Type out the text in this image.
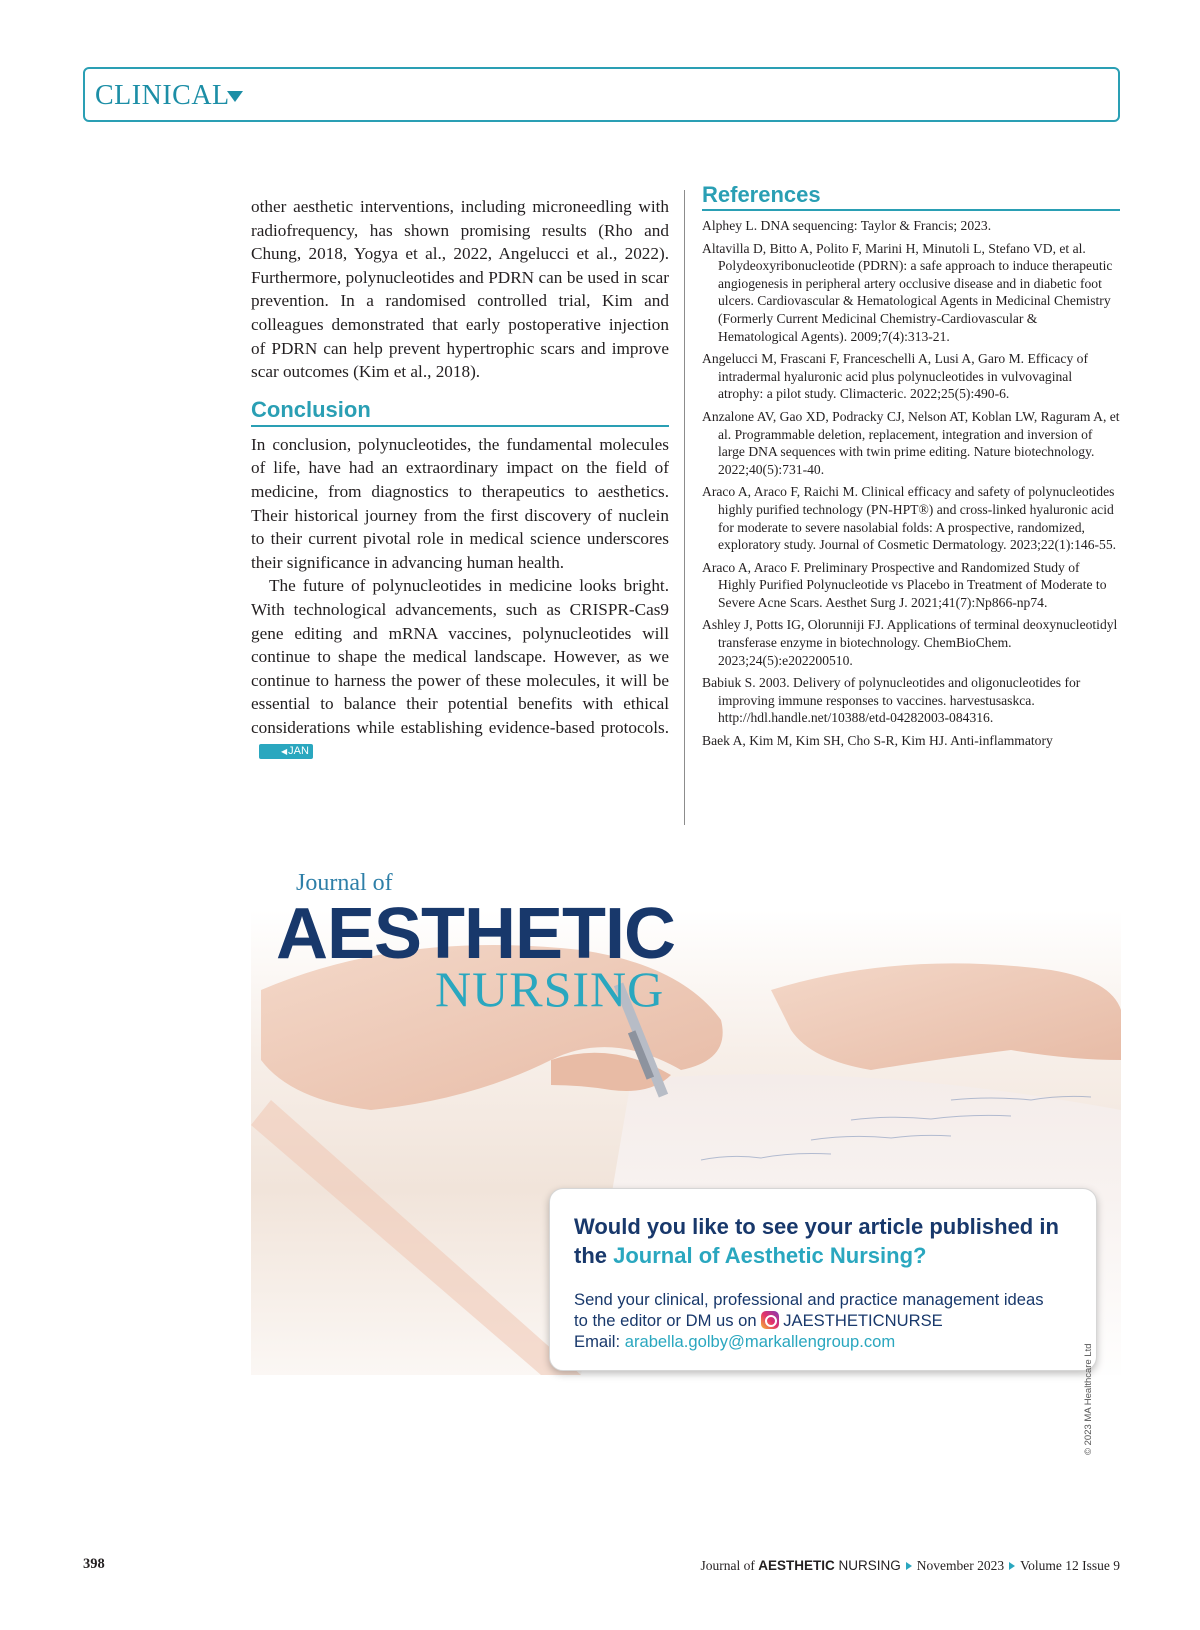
CLINICAL

other aesthetic interventions, including microneedling with radiofrequency, has shown promising results (Rho and Chung, 2018, Yogya et al., 2022, Angelucci et al., 2022). Furthermore, polynucleotides and PDRN can be used in scar prevention. In a randomised controlled trial, Kim and colleagues demonstrated that early postoperative injection of PDRN can help prevent hypertrophic scars and improve scar outcomes (Kim et al., 2018).

Conclusion

In conclusion, polynucleotides, the fundamental molecules of life, have had an extraordinary impact on the field of medicine, from diagnostics to therapeutics to aesthetics. Their historical journey from the first discovery of nuclein to their current pivotal role in medical science underscores their significance in advancing human health.

The future of polynucleotides in medicine looks bright. With technological advancements, such as CRISPR-Cas9 gene editing and mRNA vaccines, polynucleotides will continue to shape the medical landscape. However, as we continue to harness the power of these molecules, it will be essential to balance their potential benefits with ethical considerations while establishing evidence-based protocols.◀JAN

References
Alphey L. DNA sequencing: Taylor & Francis; 2023.
Altavilla D, Bitto A, Polito F, Marini H, Minutoli L, Stefano VD, et al. Polydeoxyribonucleotide (PDRN): a safe approach to induce therapeutic angiogenesis in peripheral artery occlusive disease and in diabetic foot ulcers. Cardiovascular & Hematological Agents in Medicinal Chemistry (Formerly Current Medicinal Chemistry-Cardiovascular & Hematological Agents). 2009;7(4):313-21.
Angelucci M, Frascani F, Franceschelli A, Lusi A, Garo M. Efficacy of intradermal hyaluronic acid plus polynucleotides in vulvovaginal atrophy: a pilot study. Climacteric. 2022;25(5):490-6.
Anzalone AV, Gao XD, Podracky CJ, Nelson AT, Koblan LW, Raguram A, et al. Programmable deletion, replacement, integration and inversion of large DNA sequences with twin prime editing. Nature biotechnology. 2022;40(5):731-40.
Araco A, Araco F, Raichi M. Clinical efficacy and safety of polynucleotides highly purified technology (PN-HPT®) and cross-linked hyaluronic acid for moderate to severe nasolabial folds: A prospective, randomized, exploratory study. Journal of Cosmetic Dermatology. 2023;22(1):146-55.
Araco A, Araco F. Preliminary Prospective and Randomized Study of Highly Purified Polynucleotide vs Placebo in Treatment of Moderate to Severe Acne Scars. Aesthet Surg J. 2021;41(7):Np866-np74.
Ashley J, Potts IG, Olorunniji FJ. Applications of terminal deoxynucleotidyl transferase enzyme in biotechnology. ChemBioChem. 2023;24(5):e202200510.
Babiuk S. 2003. Delivery of polynucleotides and oligonucleotides for improving immune responses to vaccines. harvestusaskca. http://hdl.handle.net/10388/etd-04282003-084316.
Baek A, Kim M, Kim SH, Cho S-R, Kim HJ. Anti-inflammatory
Journal of
AESTHETIC
NURSING
Would you like to see your article published in the Journal of Aesthetic Nursing?
Send your clinical, professional and practice management ideas
to the editor or DM us on JAESTHETICNURSE
Email: arabella.golby@markallengroup.com
© 2023 MA Healthcare Ltd
398	Journal of AESTHETIC NURSING November 2023 Volume 12 Issue 9
